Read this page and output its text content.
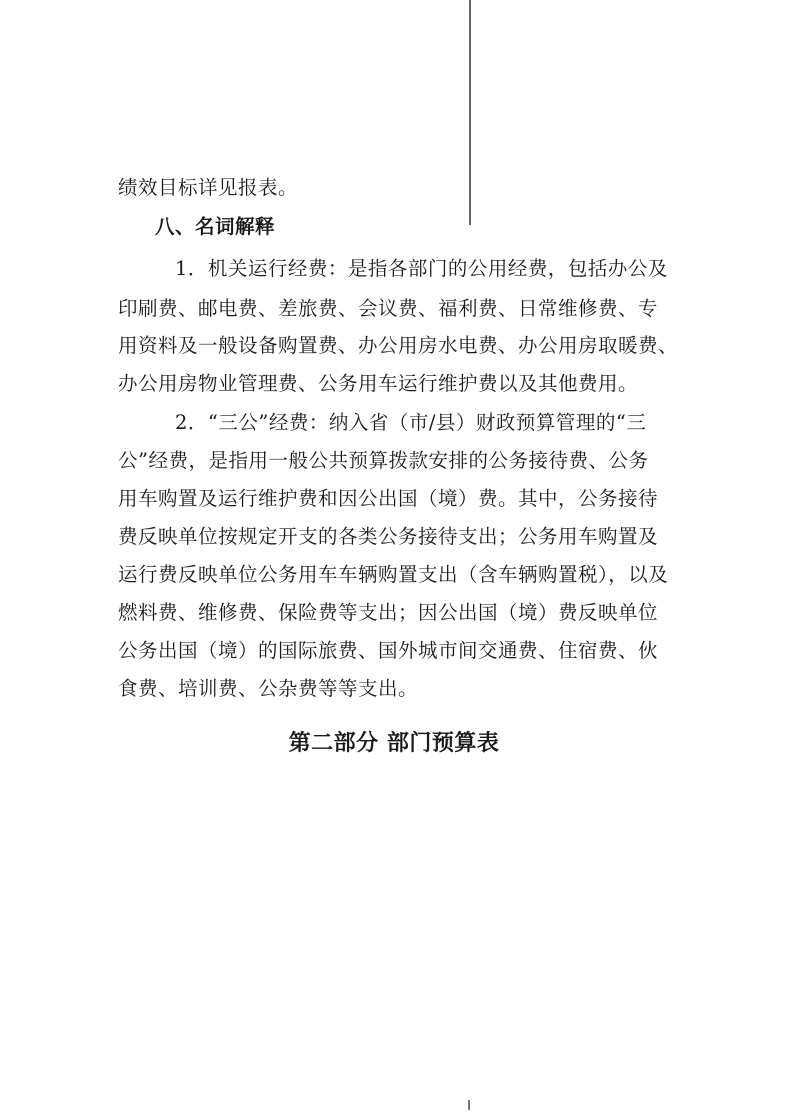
绩效目标详见报表。
八、名词解释
1．机关运行经费：是指各部门的公用经费，包括办公及
印刷费、邮电费、差旅费、会议费、福利费、日常维修费、专
用资料及一般设备购置费、办公用房水电费、办公用房取暖费、
办公用房物业管理费、公务用车运行维护费以及其他费用。
2．“三公”经费：纳入省（市/县）财政预算管理的“三
公”经费，是指用一般公共预算拨款安排的公务接待费、公务
用车购置及运行维护费和因公出国（境）费。其中，公务接待
费反映单位按规定开支的各类公务接待支出；公务用车购置及
运行费反映单位公务用车车辆购置支出（含车辆购置税），以及
燃料费、维修费、保险费等支出；因公出国（境）费反映单位
公务出国（境）的国际旅费、国外城市间交通费、住宿费、伙
食费、培训费、公杂费等等支出。
第二部分 部门预算表
